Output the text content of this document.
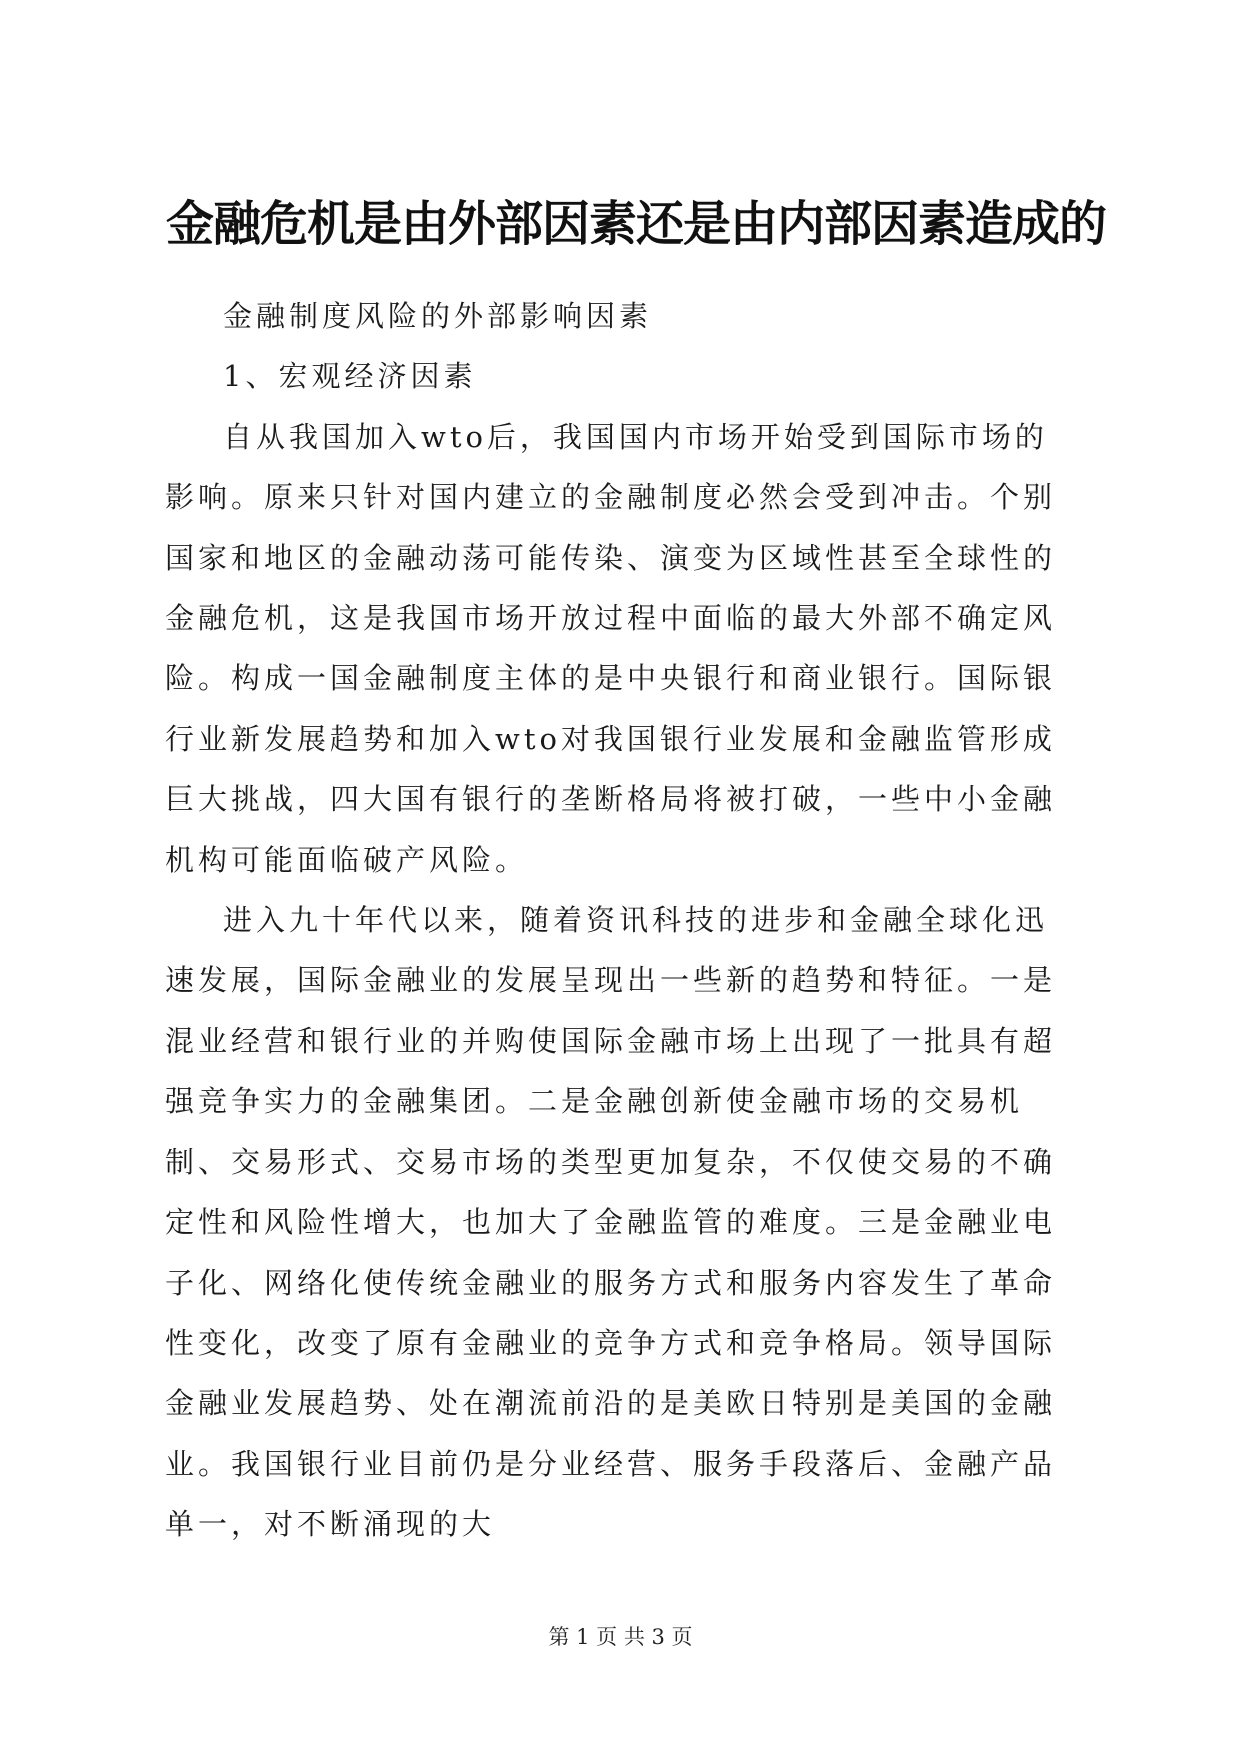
金融危机是由外部因素还是由内部因素造成的

金融制度风险的外部影响因素

1、宏观经济因素

自从我国加入wto后，我国国内市场开始受到国际市场的影响。原来只针对国内建立的金融制度必然会受到冲击。个别国家和地区的金融动荡可能传染、演变为区域性甚至全球性的金融危机，这是我国市场开放过程中面临的最大外部不确定风险。构成一国金融制度主体的是中央银行和商业银行。国际银行业新发展趋势和加入wto对我国银行业发展和金融监管形成巨大挑战，四大国有银行的垄断格局将被打破，一些中小金融机构可能面临破产风险。

进入九十年代以来，随着资讯科技的进步和金融全球化迅速发展，国际金融业的发展呈现出一些新的趋势和特征。一是混业经营和银行业的并购使国际金融市场上出现了一批具有超强竞争实力的金融集团。二是金融创新使金融市场的交易机制、交易形式、交易市场的类型更加复杂，不仅使交易的不确定性和风险性增大，也加大了金融监管的难度。三是金融业电子化、网络化使传统金融业的服务方式和服务内容发生了革命性变化，改变了原有金融业的竞争方式和竞争格局。领导国际金融业发展趋势、处在潮流前沿的是美欧日特别是美国的金融业。我国银行业目前仍是分业经营、服务手段落后、金融产品单一，对不断涌现的大

第 1 页 共 3 页
